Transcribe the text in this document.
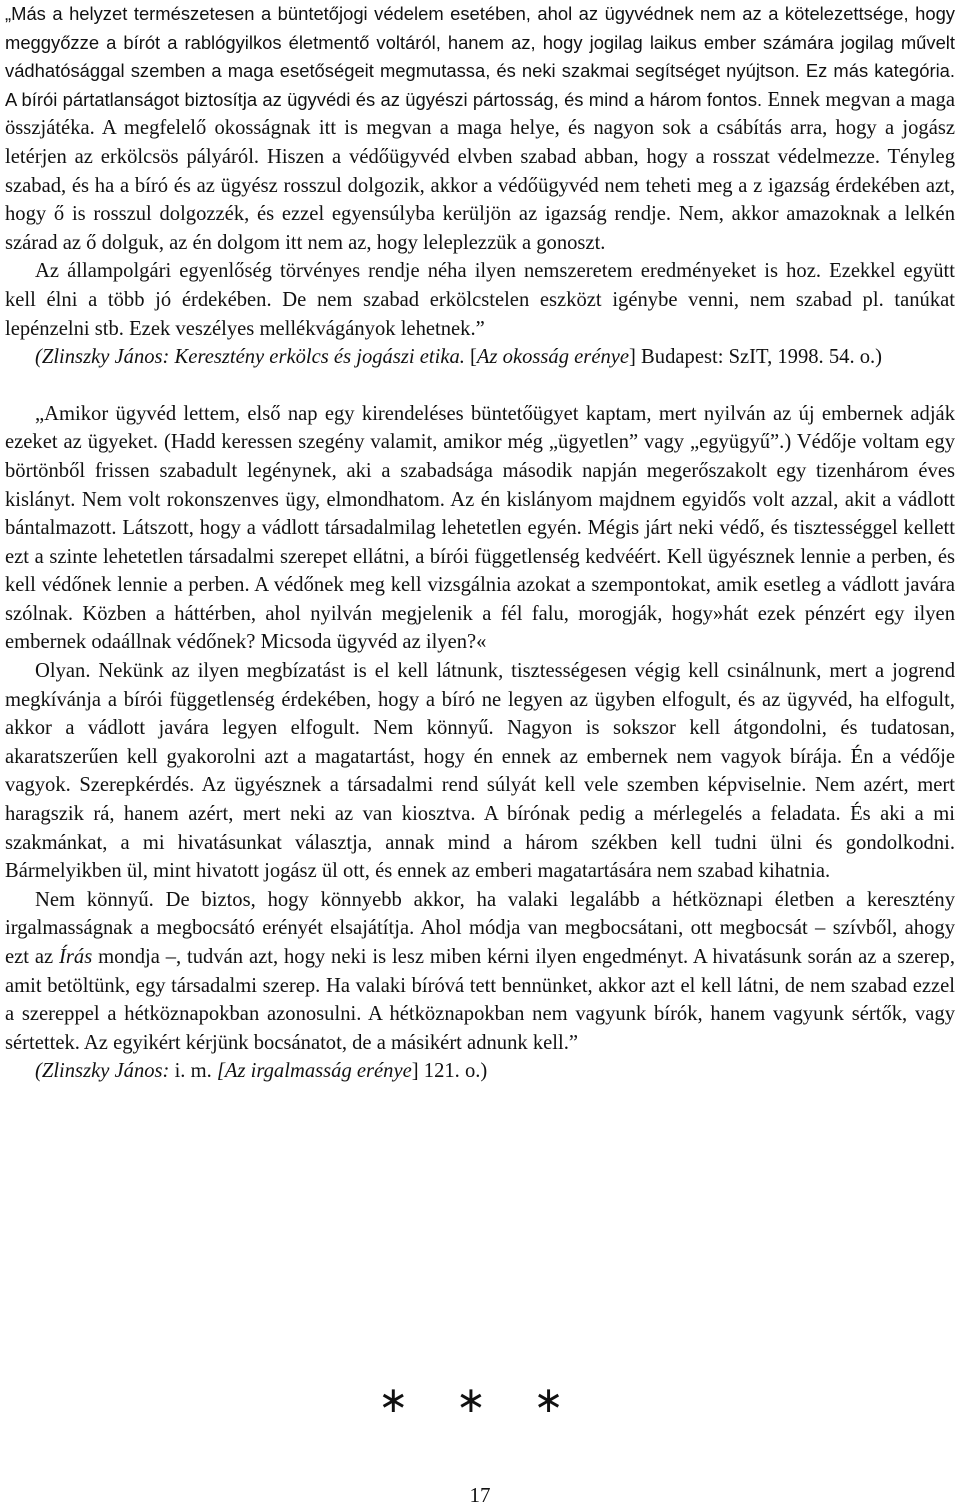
„Más a helyzet természetesen a büntetőjogi védelem esetében, ahol az ügyvédnek nem az a kötelezettsége, hogy meggyőzze a bírót a rablógyilkos életmentő voltáról, hanem az, hogy jogilag laikus ember számára jogilag művelt vádhatósággal szemben a maga esetőségeit megmutassa, és neki szakmai segítséget nyújtson. Ez más kategória. A bírói pártatlanságot biztosítja az ügyvédi és az ügyészi pártosság, és mind a három fontos. Ennek megvan a maga összjátéka. A megfelelő okosságnak itt is megvan a maga helye, és nagyon sok a csábítás arra, hogy a jogász letérjen az erkölcsös pályáról. Hiszen a védőügyvéd elvben szabad abban, hogy a rosszat védelmezze. Tényleg szabad, és ha a bíró és az ügyész rosszul dolgozik, akkor a védőügyvéd nem teheti meg a z igazság érdekében azt, hogy ő is rosszul dolgozzék, és ezzel egyensúlyba kerüljön az igazság rendje. Nem, akkor amazoknak a lelkén szárad az ő dolguk, az én dolgom itt nem az, hogy leleplezzük a gonoszt.

Az állampolgári egyenlőség törvényes rendje néha ilyen nemszeretem eredményeket is hoz. Ezekkel együtt kell élni a több jó érdekében. De nem szabad erkölcstelen eszközt igénybe venni, nem szabad pl. tanúkat lepénzelni stb. Ezek veszélyes mellékvágányok lehetnek.”

(Zlinszky János: Keresztény erkölcs és jogászi etika. [Az okosság erénye] Budapest: SzIT, 1998. 54. o.)

„Amikor ügyvéd lettem, első nap egy kirendeléses büntetőügyet kaptam, mert nyilván az új embernek adják ezeket az ügyeket. (Hadd keressen szegény valamit, amikor még „ügyetlen” vagy „együgyű”.) Védője voltam egy börtönből frissen szabadult legénynek, aki a szabadsága második napján megerőszakolt egy tizenhárom éves kislányt. Nem volt rokonszenves ügy, elmondhatom. Az én kislányom majdnem egyidős volt azzal, akit a vádlott bántalmazott. Látszott, hogy a vádlott társadalmilag lehetetlen egyén. Mégis járt neki védő, és tisztességgel kellett ezt a szinte lehetetlen társadalmi szerepet ellátni, a bírói függetlenség kedvéért. Kell ügyésznek lennie a perben, és kell védőnek lennie a perben. A védőnek meg kell vizsgálnia azokat a szempontokat, amik esetleg a vádlott javára szólnak. Közben a háttérben, ahol nyilván megjelenik a fél falu, morogják, hogy»hát ezek pénzért egy ilyen embernek odaállnak védőnek? Micsoda ügyvéd az ilyen?«

Olyan. Nekünk az ilyen megbízatást is el kell látnunk, tisztességesen végig kell csinálnunk, mert a jogrend megkívánja a bírói függetlenség érdekében, hogy a bíró ne legyen az ügyben elfogult, és az ügyvéd, ha elfogult, akkor a vádlott javára legyen elfogult. Nem könnyű. Nagyon is sokszor kell átgondolni, és tudatosan, akaratszerűen kell gyakorolni azt a magatartást, hogy én ennek az embernek nem vagyok bírája. Én a védője vagyok. Szerepkérdés. Az ügyésznek a társadalmi rend súlyát kell vele szemben képviselnie. Nem azért, mert haragszik rá, hanem azért, mert neki az van kiosztva. A bírónak pedig a mérlegelés a feladata. És aki a mi szakmánkat, a mi hivatásunkat választja, annak mind a három székben kell tudni ülni és gondolkodni. Bármelyikben ül, mint hivatott jogász ül ott, és ennek az emberi magatartására nem szabad kihatnia.

Nem könnyű. De biztos, hogy könnyebb akkor, ha valaki legalább a hétköznapi életben a keresztény irgalmasságnak a megbocsátó erényét elsajátítja. Ahol módja van megbocsátani, ott megbocsát – szívből, ahogy ezt az Írás mondja –, tudván azt, hogy neki is lesz miben kérni ilyen engedményt. A hivatásunk során az a szerep, amit betöltünk, egy társadalmi szerep. Ha valaki bíróvá tett bennünket, akkor azt el kell látni, de nem szabad ezzel a szereppel a hétköznapokban azonosulni. A hétköznapokban nem vagyunk bírók, hanem vagyunk sértők, vagy sértettek. Az egyikért kérjünk bocsánatot, de a másikért adnunk kell.”

(Zlinszky János: i. m. [Az irgalmasság erénye] 121. o.)

∗ ∗ ∗
17
